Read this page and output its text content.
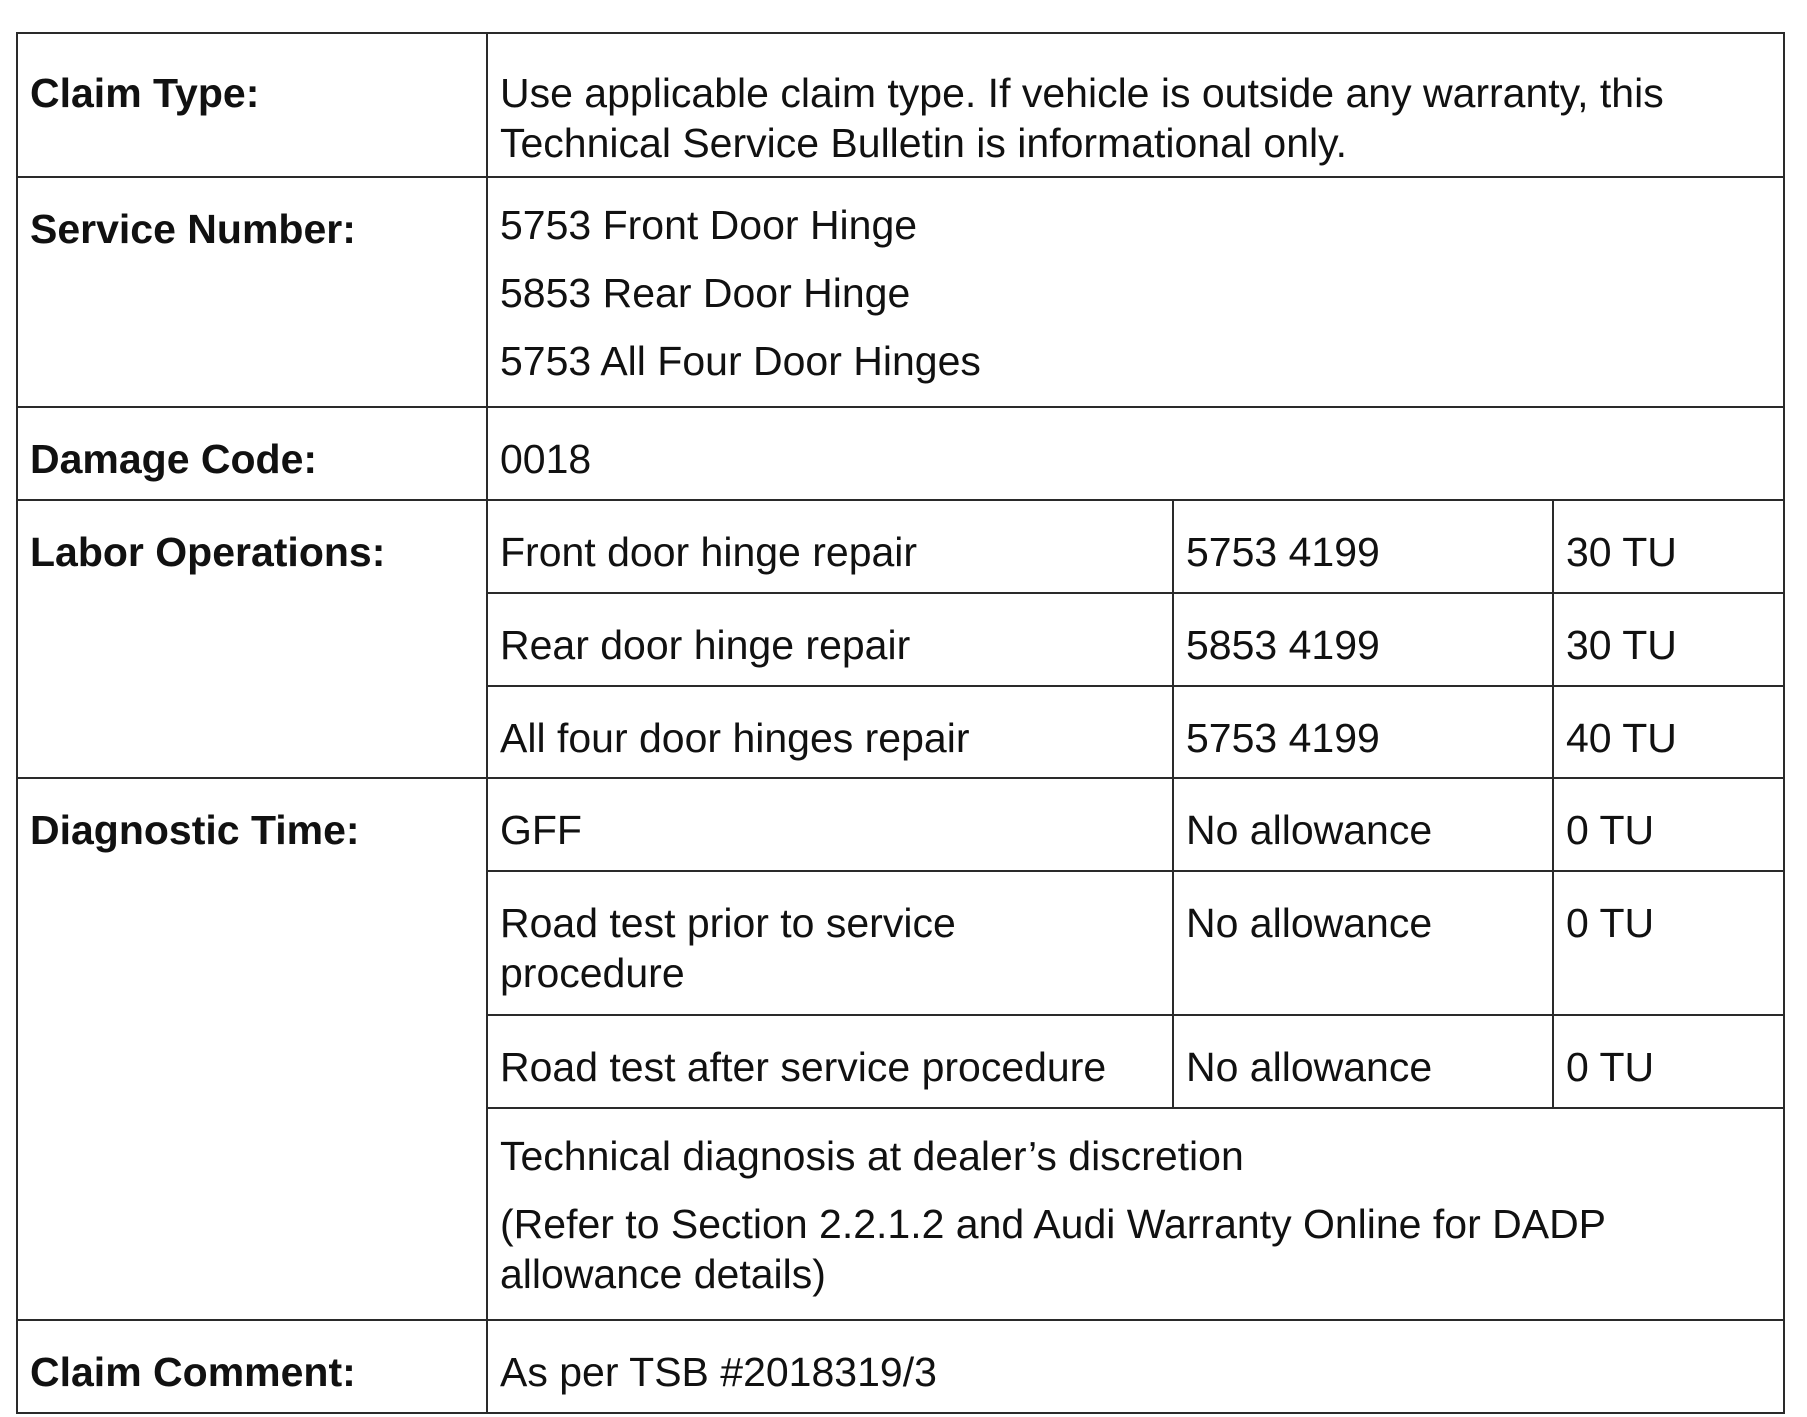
Claim Type:	Use applicable claim type. If vehicle is outside any warranty, this
Technical Service Bulletin is informational only.		

Service Number:	5753 Front Door Hinge
5853 Rear Door Hinge
5753 All Four Door Hinges		

Damage Code:	0018		
Labor Operations:	Front door hinge repair	5753 4199	30 TU
	Rear door hinge repair	5853 4199	30 TU
	All four door hinges repair	5753 4199	40 TU
Diagnostic Time:	GFF	No allowance	0 TU

	Road test prior to service
procedure	No allowance	0 TU
	Road test after service procedure	No allowance	0 TU

	Technical diagnosis at dealer’s discretion
(Refer to Section 2.2.1.2 and Audi Warranty Online for DADP
allowance details)		

Claim Comment:	As per TSB #2018319/3		
